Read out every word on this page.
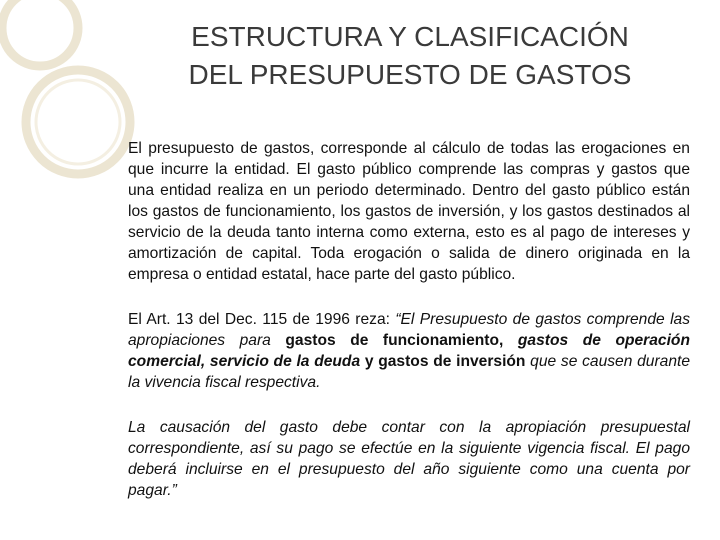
ESTRUCTURA Y CLASIFICACIÓN
DEL PRESUPUESTO DE GASTOS

El presupuesto de gastos, corresponde al cálculo de todas las erogaciones en que incurre la entidad. El gasto público comprende las compras y gastos que una entidad realiza en un periodo determinado. Dentro del gasto público están los gastos de funcionamiento, los gastos de inversión, y los gastos destinados al servicio de la deuda tanto interna como externa, esto es al pago de intereses y amortización de capital. Toda erogación o salida de dinero originada en la empresa o entidad estatal, hace parte del gasto público.

El Art. 13 del Dec. 115 de 1996 reza: “El Presupuesto de gastos comprende las apropiaciones para gastos de funcionamiento, gastos de operación comercial, servicio de la deuda y gastos de inversión que se causen durante la vivencia fiscal respectiva.

La causación del gasto debe contar con la apropiación presupuestal correspondiente, así su pago se efectúe en la siguiente vigencia fiscal. El pago deberá incluirse en el presupuesto del año siguiente como una cuenta por pagar.”
